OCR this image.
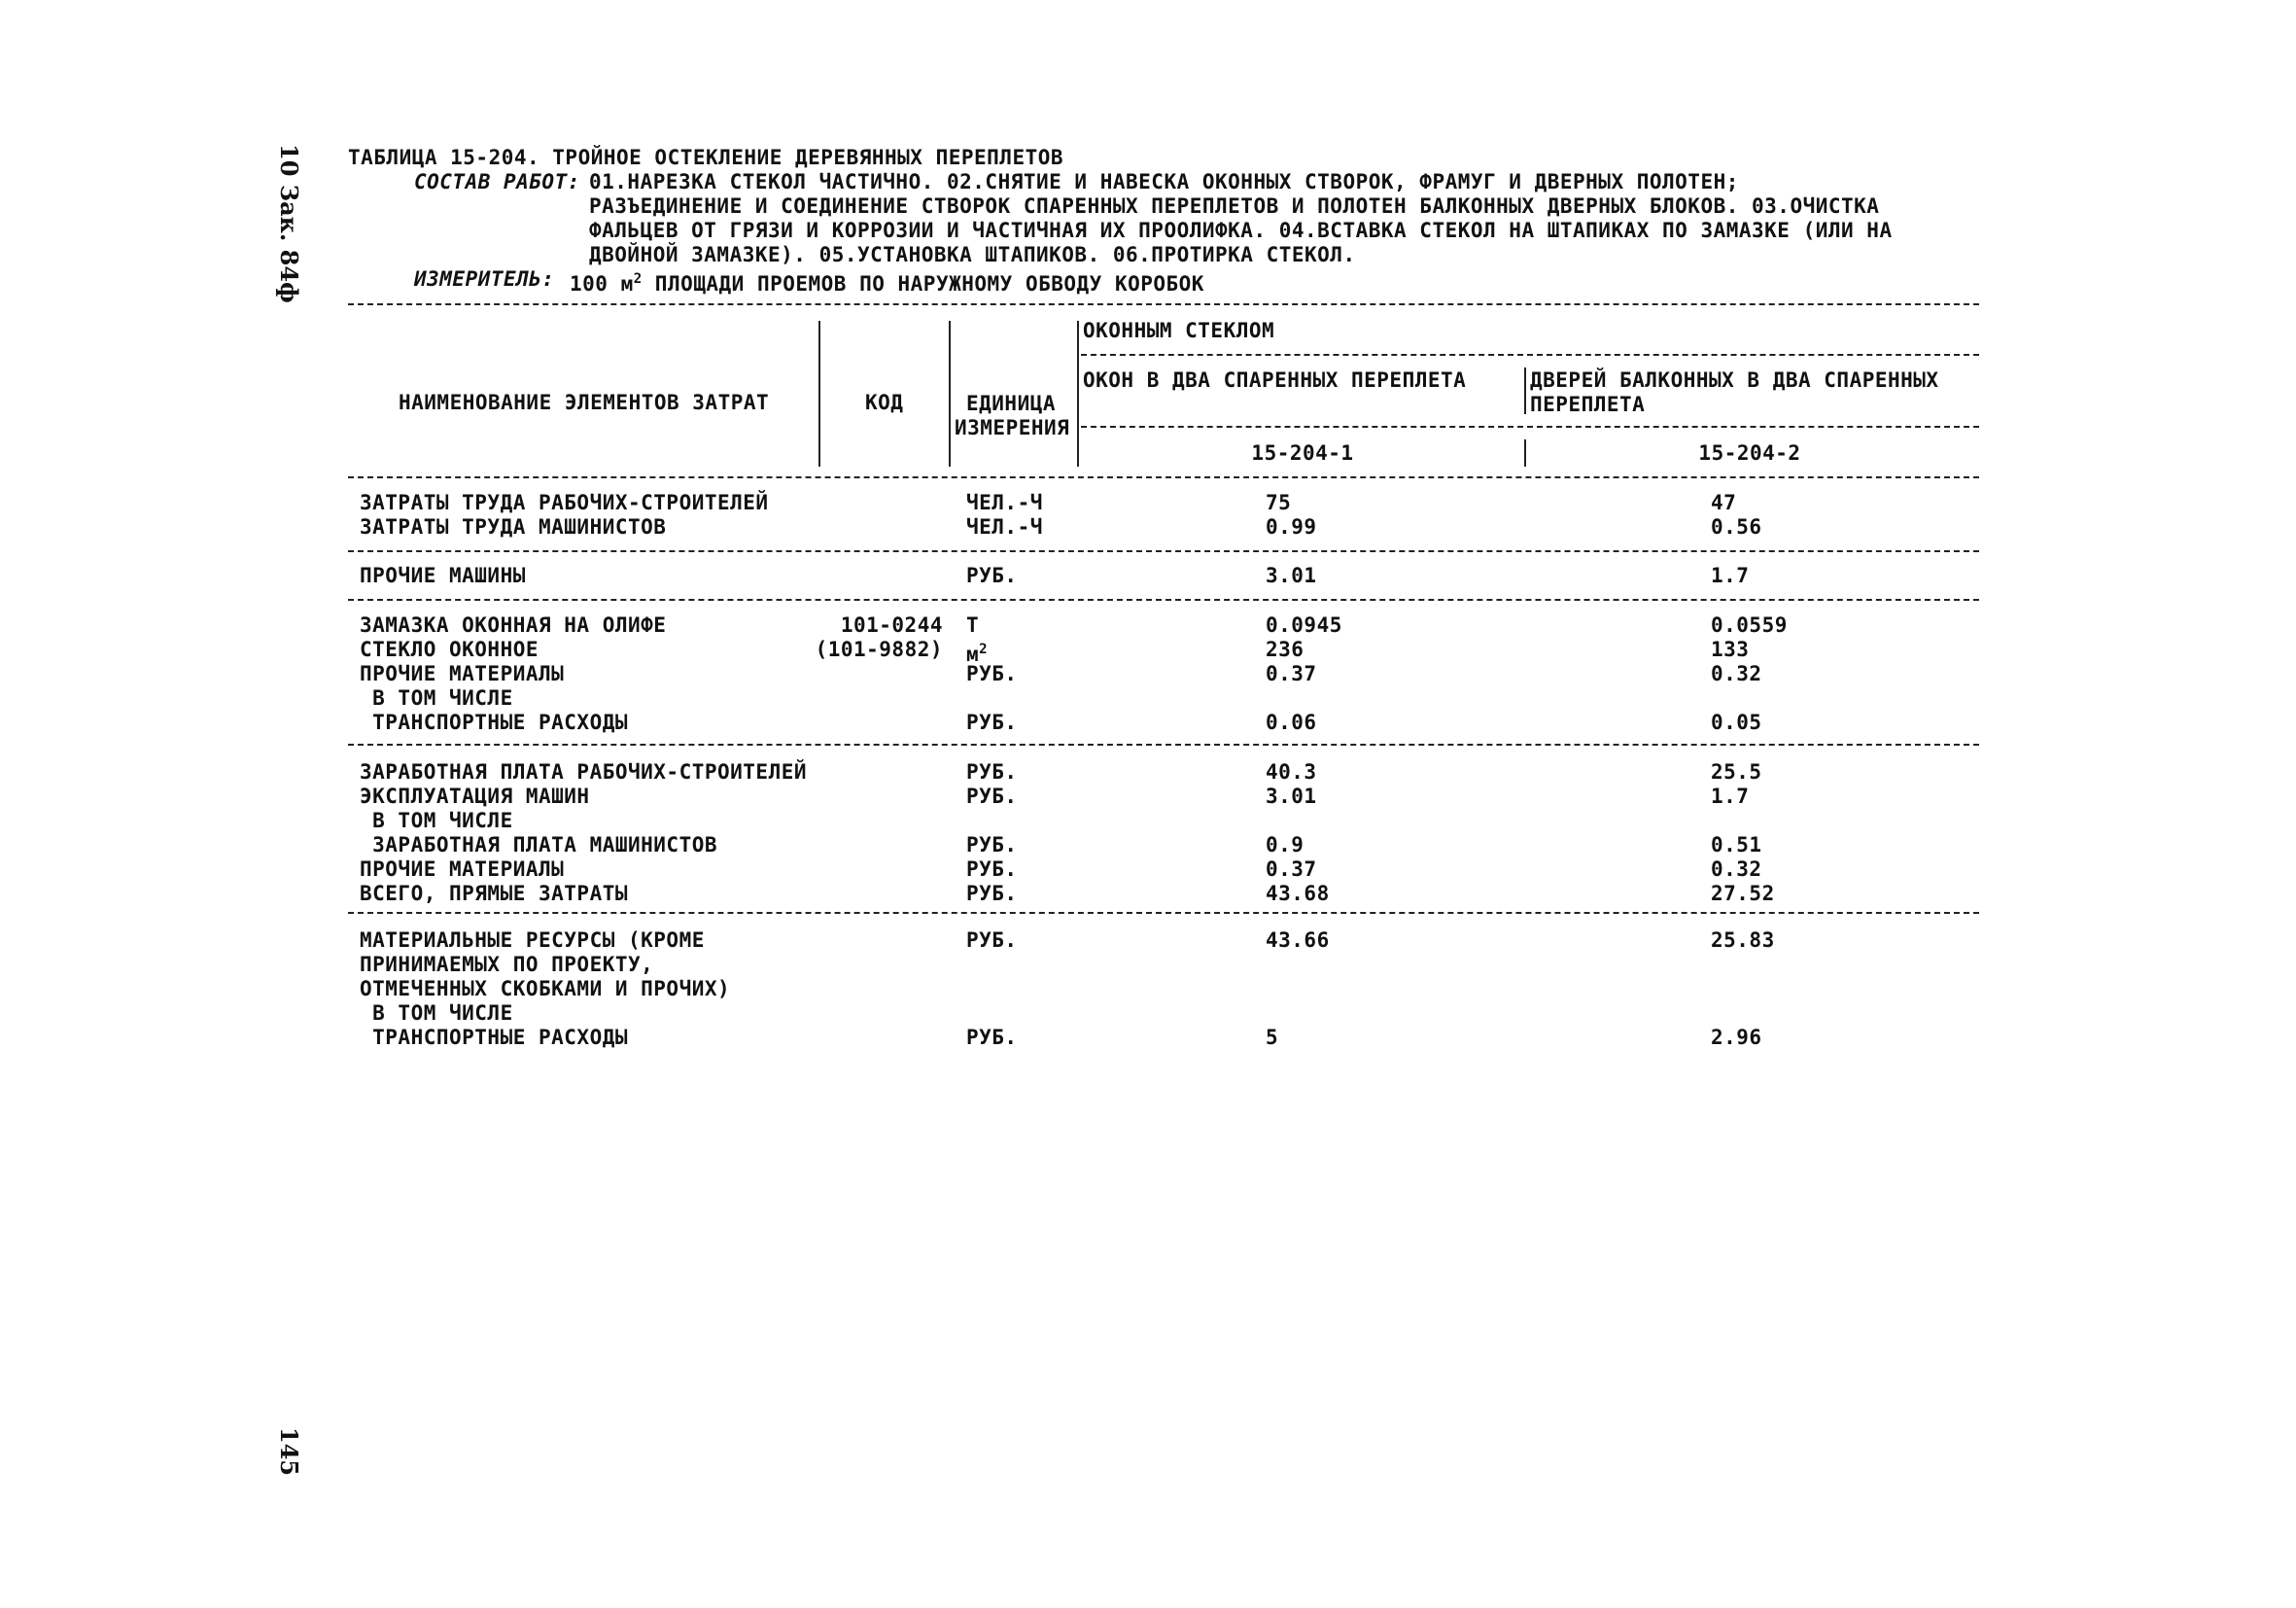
10 Зак. 84ф
145
ТАБЛИЦА 15-204. ТРОЙНОЕ ОСТЕКЛЕНИЕ ДЕРЕВЯННЫХ ПЕРЕПЛЕТОВ
СОСТАВ РАБОТ: 01.НАРЕЗКА СТЕКОЛ ЧАСТИЧНО. 02.СНЯТИЕ И НАВЕСКА ОКОННЫХ СТВОРОК, ФРАМУГ И ДВЕРНЫХ ПОЛОТЕН;
РАЗЪЕДИНЕНИЕ И СОЕДИНЕНИЕ СТВОРОК СПАРЕННЫХ ПЕРЕПЛЕТОВ И ПОЛОТЕН БАЛКОННЫХ ДВЕРНЫХ БЛОКОВ. 03.ОЧИСТКА
ФАЛЬЦЕВ ОТ ГРЯЗИ И КОРРОЗИИ И ЧАСТИЧНАЯ ИХ ПРООЛИФКА. 04.ВСТАВКА СТЕКОЛ НА ШТАПИКАХ ПО ЗАМАЗКЕ (ИЛИ НА
ДВОЙНОЙ ЗАМАЗКЕ). 05.УСТАНОВКА ШТАПИКОВ. 06.ПРОТИРКА СТЕКОЛ.
ИЗМЕРИТЕЛЬ: 100 $м^2$ ПЛОЩАДИ ПРОЕМОВ ПО НАРУЖНОМУ ОБВОДУ КОРОБОК
НАИМЕНОВАНИЕ ЭЛЕМЕНТОВ ЗАТРАТ	КОД	ЕДИНИЦА
ИЗМЕРЕНИЯ
ОКОННЫМ СТЕКЛОМ
ОКОН В ДВА СПАРЕННЫХ ПЕРЕПЛЕТА	ДВЕРЕЙ БАЛКОННЫХ В ДВА СПАРЕННЫХ
ПЕРЕПЛЕТА
15-204-1	15-204-2
ЗАТРАТЫ ТРУДА РАБОЧИХ-СТРОИТЕЛЕЙ	ЧЕЛ.-Ч	75	47
ЗАТРАТЫ ТРУДА МАШИНИСТОВ	ЧЕЛ.-Ч	0.99	0.56
ПРОЧИЕ МАШИНЫ	РУБ.	3.01	1.7
ЗАМАЗКА ОКОННАЯ НА ОЛИФЕ	101-0244 Т	0.0945	0.0559
СТЕКЛО ОКОННОЕ	(101-9882) $м^2$	236	133
ПРОЧИЕ МАТЕРИАЛЫ	РУБ.	0.37	0.32
В ТОМ ЧИСЛЕ
ТРАНСПОРТНЫЕ РАСХОДЫ	РУБ.	0.06	0.05
ЗАРАБОТНАЯ ПЛАТА РАБОЧИХ-СТРОИТЕЛЕЙ	РУБ.	40.3	25.5
ЭКСПЛУАТАЦИЯ МАШИН	РУБ.	3.01	1.7
В ТОМ ЧИСЛЕ
ЗАРАБОТНАЯ ПЛАТА МАШИНИСТОВ	РУБ.	0.9	0.51
ПРОЧИЕ МАТЕРИАЛЫ	РУБ.	0.37	0.32
ВСЕГО, ПРЯМЫЕ ЗАТРАТЫ	РУБ.	43.68	27.52
МАТЕРИАЛЬНЫЕ РЕСУРСЫ (КРОМЕ	РУБ.	43.66	25.83
ПРИНИМАЕМЫХ ПО ПРОЕКТУ,
ОТМЕЧЕННЫХ СКОБКАМИ И ПРОЧИХ)
В ТОМ ЧИСЛЕ
ТРАНСПОРТНЫЕ РАСХОДЫ	РУБ.	5	2.96
